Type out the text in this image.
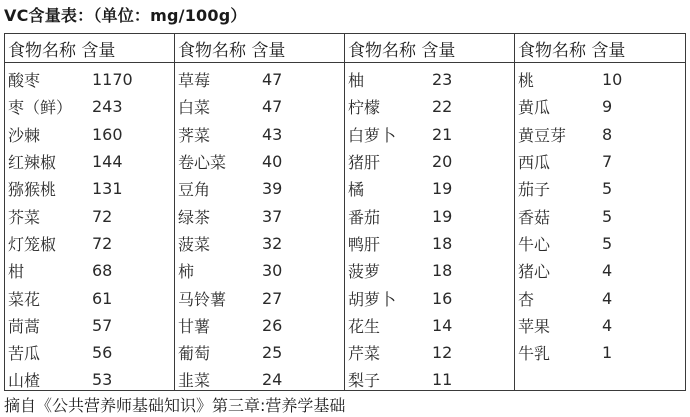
VC含量表：（单位：mg/100g）
食物名称 含量
酸枣	1170
枣（鲜）	243
沙棘	160
红辣椒	144
猕猴桃	131
芥菜	72
灯笼椒	72
柑	68
菜花	61
茼蒿	57
苦瓜	56
山楂	53
食物名称 含量
草莓	47
白菜	47
荠菜	43
卷心菜	40
豆角	39
绿茶	37
菠菜	32
柿	30
马铃薯	27
甘薯	26
葡萄	25
韭菜	24
食物名称 含量
柚	23
柠檬	22
白萝卜	21
猪肝	20
橘	19
番茄	19
鸭肝	18
菠萝	18
胡萝卜	16
花生	14
芹菜	12
梨子	11
食物名称 含量
桃	10
黄瓜	9
黄豆芽	8
西瓜	7
茄子	5
香菇	5
牛心	5
猪心	4
杏	4
苹果	4
牛乳	1
摘自《公共营养师基础知识》第三章:营养学基础
